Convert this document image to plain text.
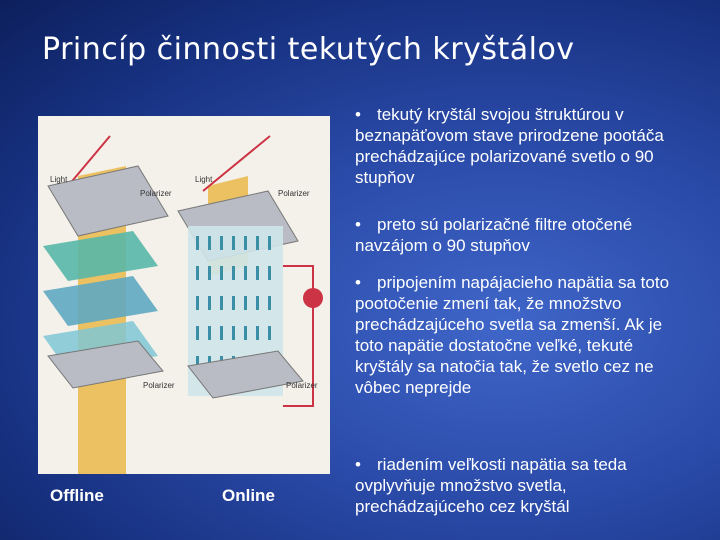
Princíp činnosti tekutých kryštálov
Light	Light
Polarizer	Polarizer
Polarizer	Polarizer
Offline	Online

• tekutý kryštál svojou štruktúrou v beznapäťovom stave prirodzene pootáča prechádzajúce polarizované svetlo o 90 stupňov

• preto sú polarizačné filtre otočené navzájom o 90 stupňov

• pripojením napájacieho napätia sa toto pootočenie zmení tak, že množstvo prechádzajúceho svetla sa zmenší. Ak je toto napätie dostatočne veľké, tekuté kryštály sa natočia tak, že svetlo cez ne vôbec neprejde

• riadením veľkosti napätia sa teda ovplyvňuje množstvo svetla, prechádzajúceho cez kryštál
